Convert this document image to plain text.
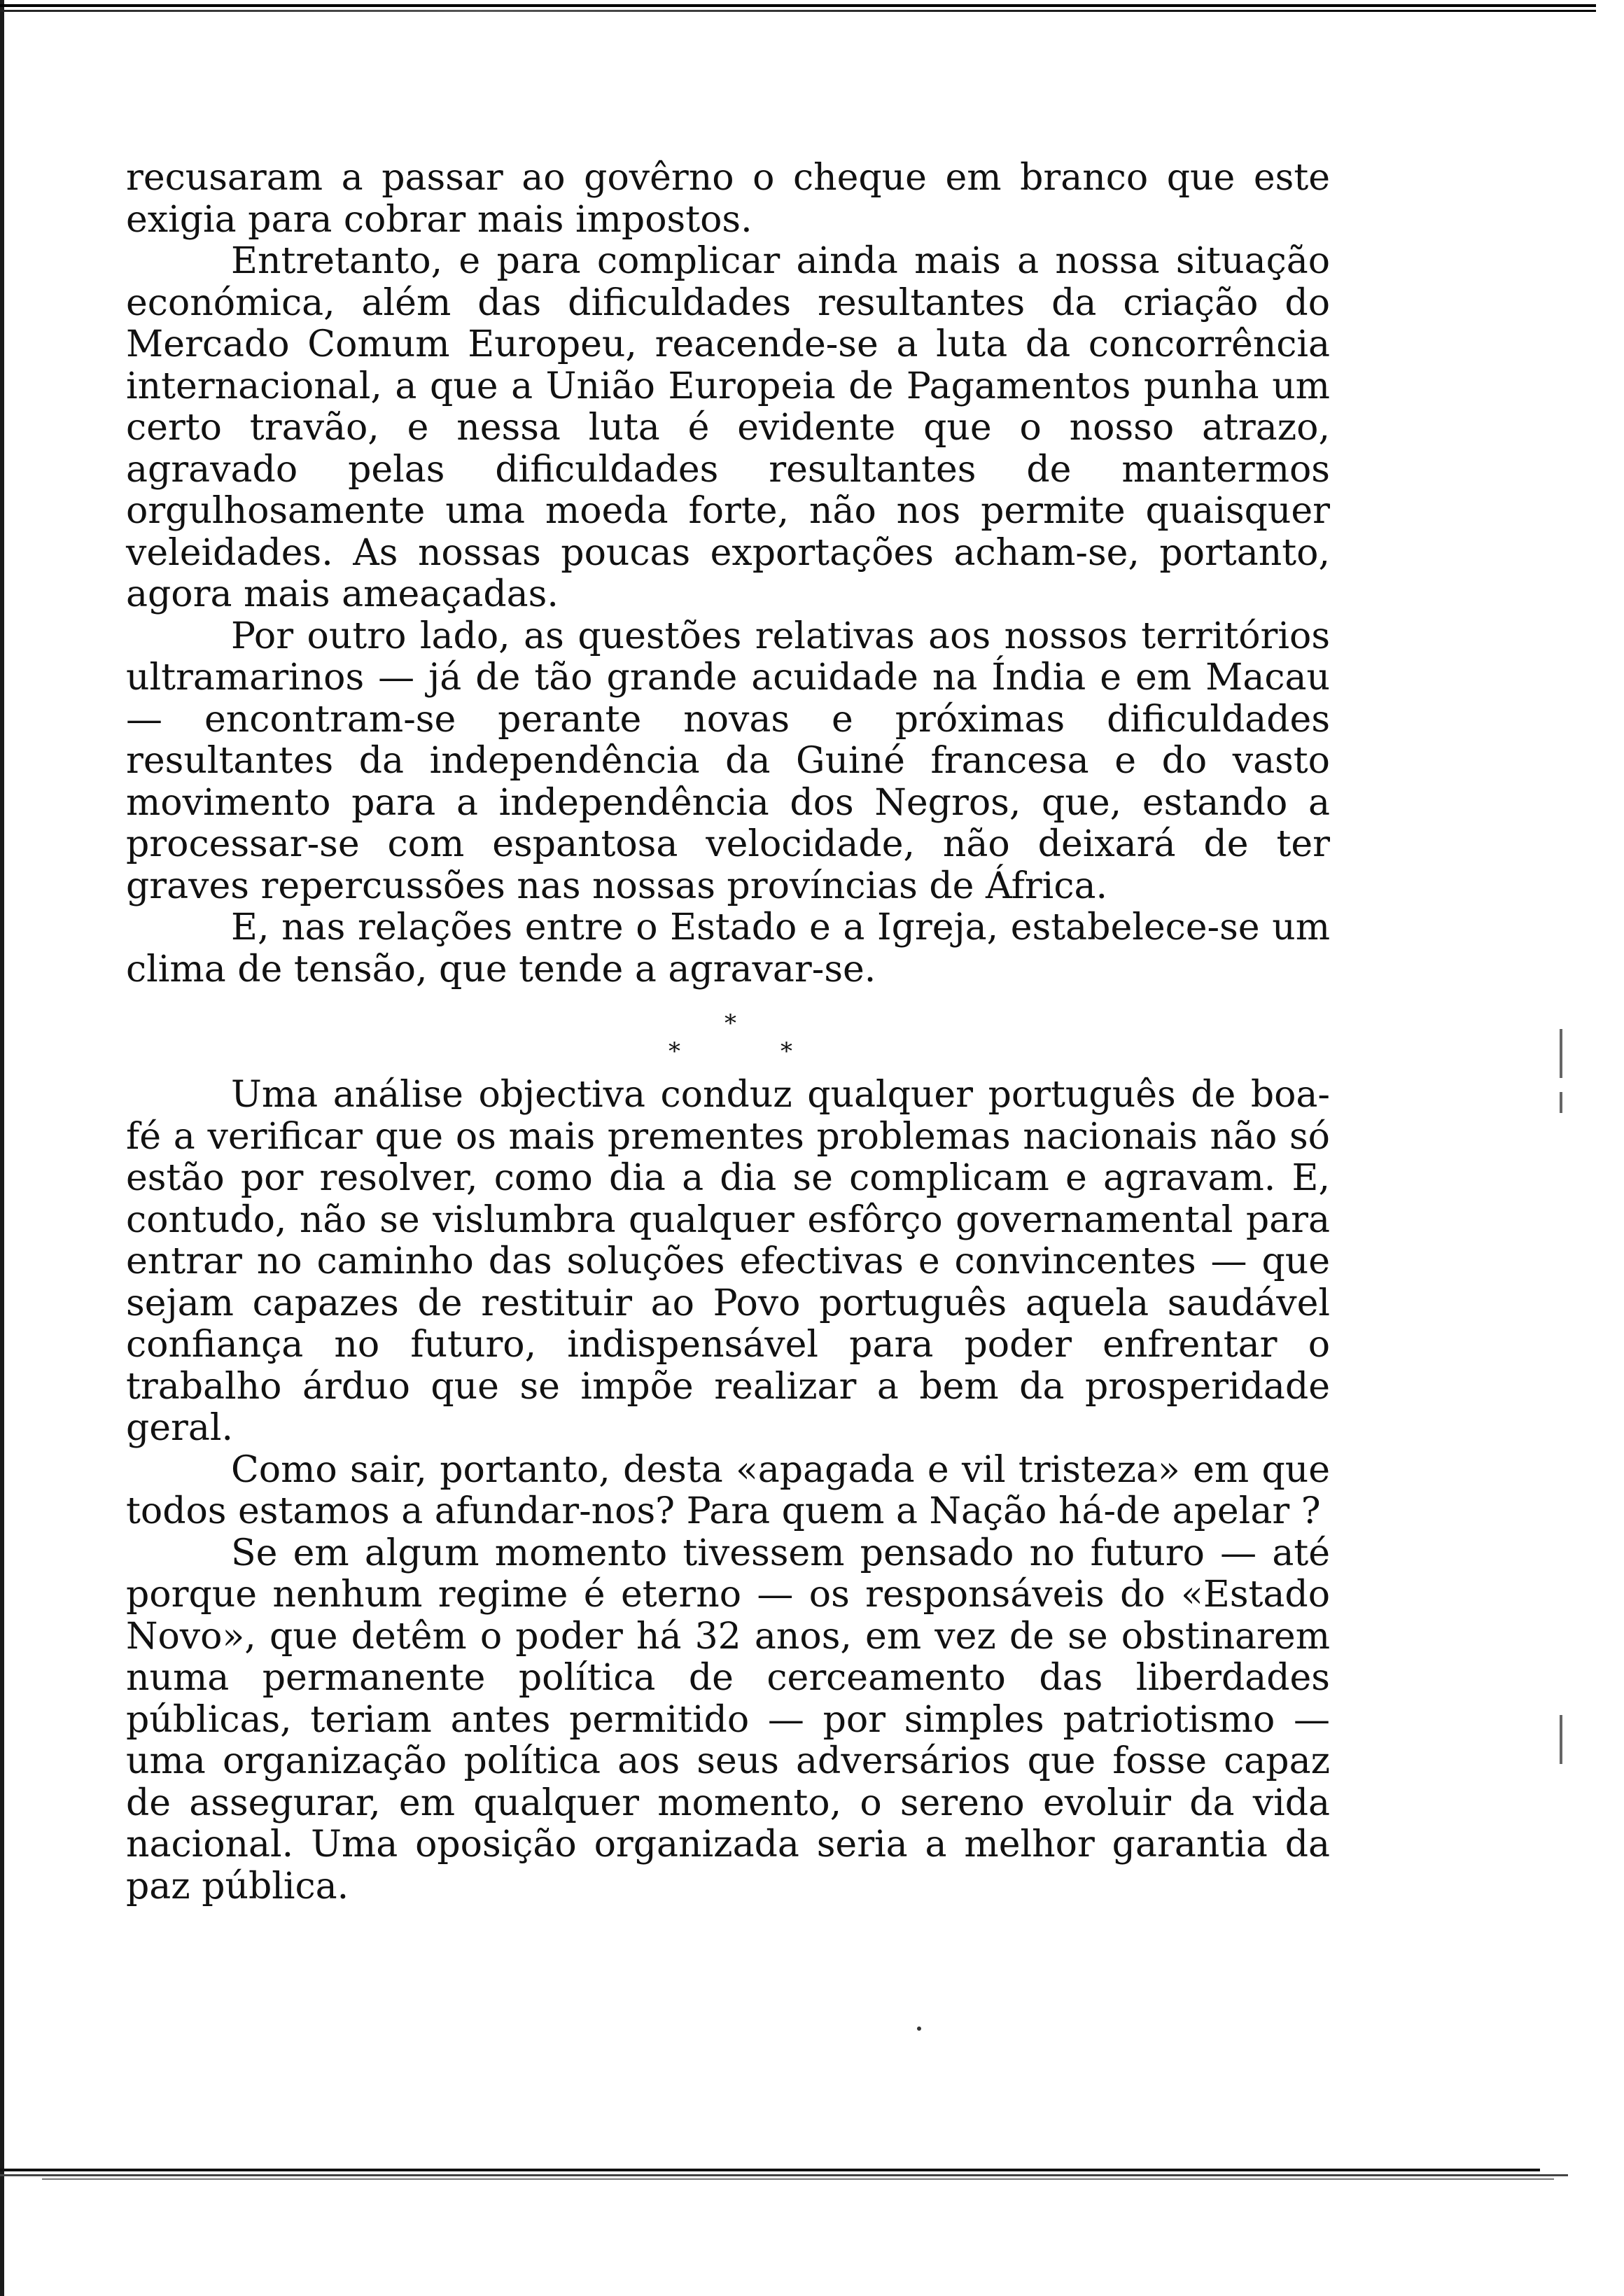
recusaram a passar ao govêrno o cheque em branco que este exigia para cobrar mais impostos.

Entretanto, e para complicar ainda mais a nossa situação económica, além das dificuldades resultantes da criação do Mercado Comum Europeu, reacende-se a luta da concorrência internacional, a que a União Europeia de Pagamentos punha um certo travão, e nessa luta é evidente que o nosso atrazo, agravado pelas dificuldades resultantes de mantermos orgulhosamente uma moeda forte, não nos permite quaisquer veleidades. As nossas poucas exportações acham-se, portanto, agora mais ameaçadas.

Por outro lado, as questões relativas aos nossos territórios ultramarinos — já de tão grande acuidade na Índia e em Macau — encontram-se perante novas e próximas dificuldades resultantes da independência da Guiné francesa e do vasto movimento para a independência dos Negros, que, estando a processar-se com espantosa velocidade, não deixará de ter graves repercussões nas nossas províncias de África.

E, nas relações entre o Estado e a Igreja, estabelece-se um clima de tensão, que tende a agravar-se.

*
*	*

Uma análise objectiva conduz qualquer português de boa-fé a verificar que os mais prementes problemas nacionais não só estão por resolver, como dia a dia se complicam e agravam. E, contudo, não se vislumbra qualquer esfôrço governamental para entrar no caminho das soluções efectivas e convincentes — que sejam capazes de restituir ao Povo português aquela saudável confiança no futuro, indispensável para poder enfrentar o trabalho árduo que se impõe realizar a bem da prosperidade geral.

Como sair, portanto, desta «apagada e vil tristeza» em que todos estamos a afundar-nos? Para quem a Nação há-de apelar ?

Se em algum momento tivessem pensado no futuro — até porque nenhum regime é eterno — os responsáveis do «Estado Novo», que detêm o poder há 32 anos, em vez de se obstinarem numa permanente política de cerceamento das liberdades públicas, teriam antes permitido — por simples patriotismo — uma organização política aos seus adversários que fosse capaz de assegurar, em qualquer momento, o sereno evoluir da vida nacional. Uma oposição organizada seria a melhor garantia da paz pública.
